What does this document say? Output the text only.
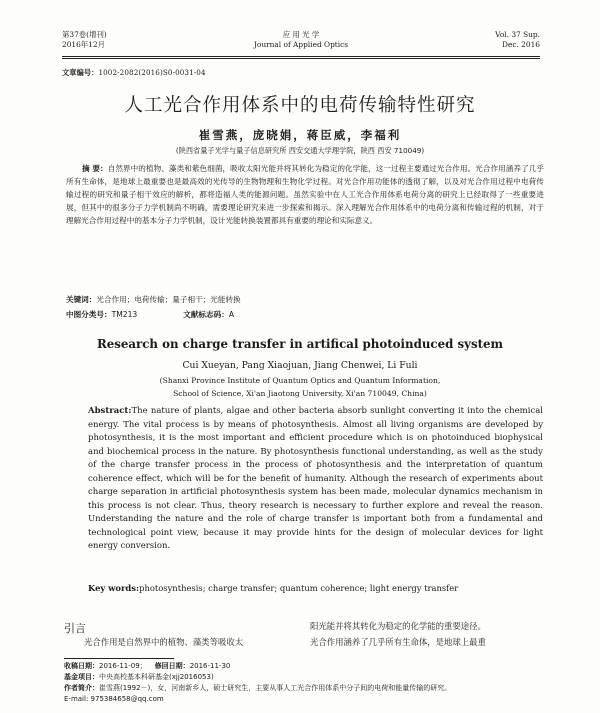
第37卷(增刊)
2016年12月
应 用 光 学
Journal of Applied Optics
Vol. 37 Sup.
Dec. 2016
文章编号：1002-2082(2016)S0-0031-04
人工光合作用体系中的电荷传输特性研究
崔雪燕，庞晓娟，蒋臣威，李福利
(陕西省量子光学与量子信息研究所 西安交通大学理学院，陕西 西安 710049)

摘 要：自然界中的植物、藻类和紫色细菌，吸收太阳光能并将其转化为稳定的化学能，这一过程主要通过光合作用。光合作用涵养了几乎所有生命体，是地球上最重要也是最高效的光传导的生物物理和生物化学过程。对光合作用功能体的透彻了解，以及对光合作用过程中电荷传输过程的研究和量子相干效应的解析，都将造福人类的能源问题。虽然实验中在人工光合作用体系电荷分离的研究上已经取得了一些重要进展，但其中的很多分子力学机制尚不明确，需要理论研究来进一步探索和揭示。深入理解光合作用体系中的电荷分离和传输过程的机制，对于理解光合作用过程中的基本分子力学机制，设计光能转换装置都具有重要的理论和实际意义。

关键词：光合作用；电荷传输；量子相干；光能转换
中图分类号：TM213	文献标志码：A
Research on charge transfer in artifical photoinduced system
Cui Xueyan, Pang Xiaojuan, Jiang Chenwei, Li Fuli
(Shanxi Province Institute of Quantum Optics and Quantum Information,
School of Science, Xi'an Jiaotong University, Xi'an 710049, China)

Abstract:The nature of plants, algae and other bacteria absorb sunlight converting it into the chemical energy. The vital process is by means of photosynthesis. Almost all living organisms are developed by photosynthesis, it is the most important and efficient procedure which is on photoinduced biophysical and biochemical process in the nature. By photosynthesis functional understanding, as well as the study of the charge transfer process in the process of photosynthesis and the interpretation of quantum coherence effect, which will be for the benefit of humanity. Although the research of experiments about charge separation in artificial photosynthesis system has been made, molecular dynamics mechanism in this process is not clear. Thus, theory research is necessary to further explore and reveal the reason. Understanding the nature and the role of charge transfer is important both from a fundamental and technological point view, because it may provide hints for the design of molecular devices for light energy conversion.

Key words:photosynthesis; charge transfer; quantum coherence; light energy transfer
引言

光合作用是自然界中的植物、藻类等吸收太

阳光能并将其转化为稳定的化学能的重要途径。
光合作用涵养了几乎所有生命体，是地球上最重
收稿日期：2016-11-09； 修回日期：2016-11-30
基金项目：中央高校基本科研基金(xjj2016053)
作者简介：崔雪燕(1992－)，女，河南新乡人，硕士研究生，主要从事人工光合作用体系中分子间的电荷和能量传输的研究。
E-mail: 975384658@qq.com
